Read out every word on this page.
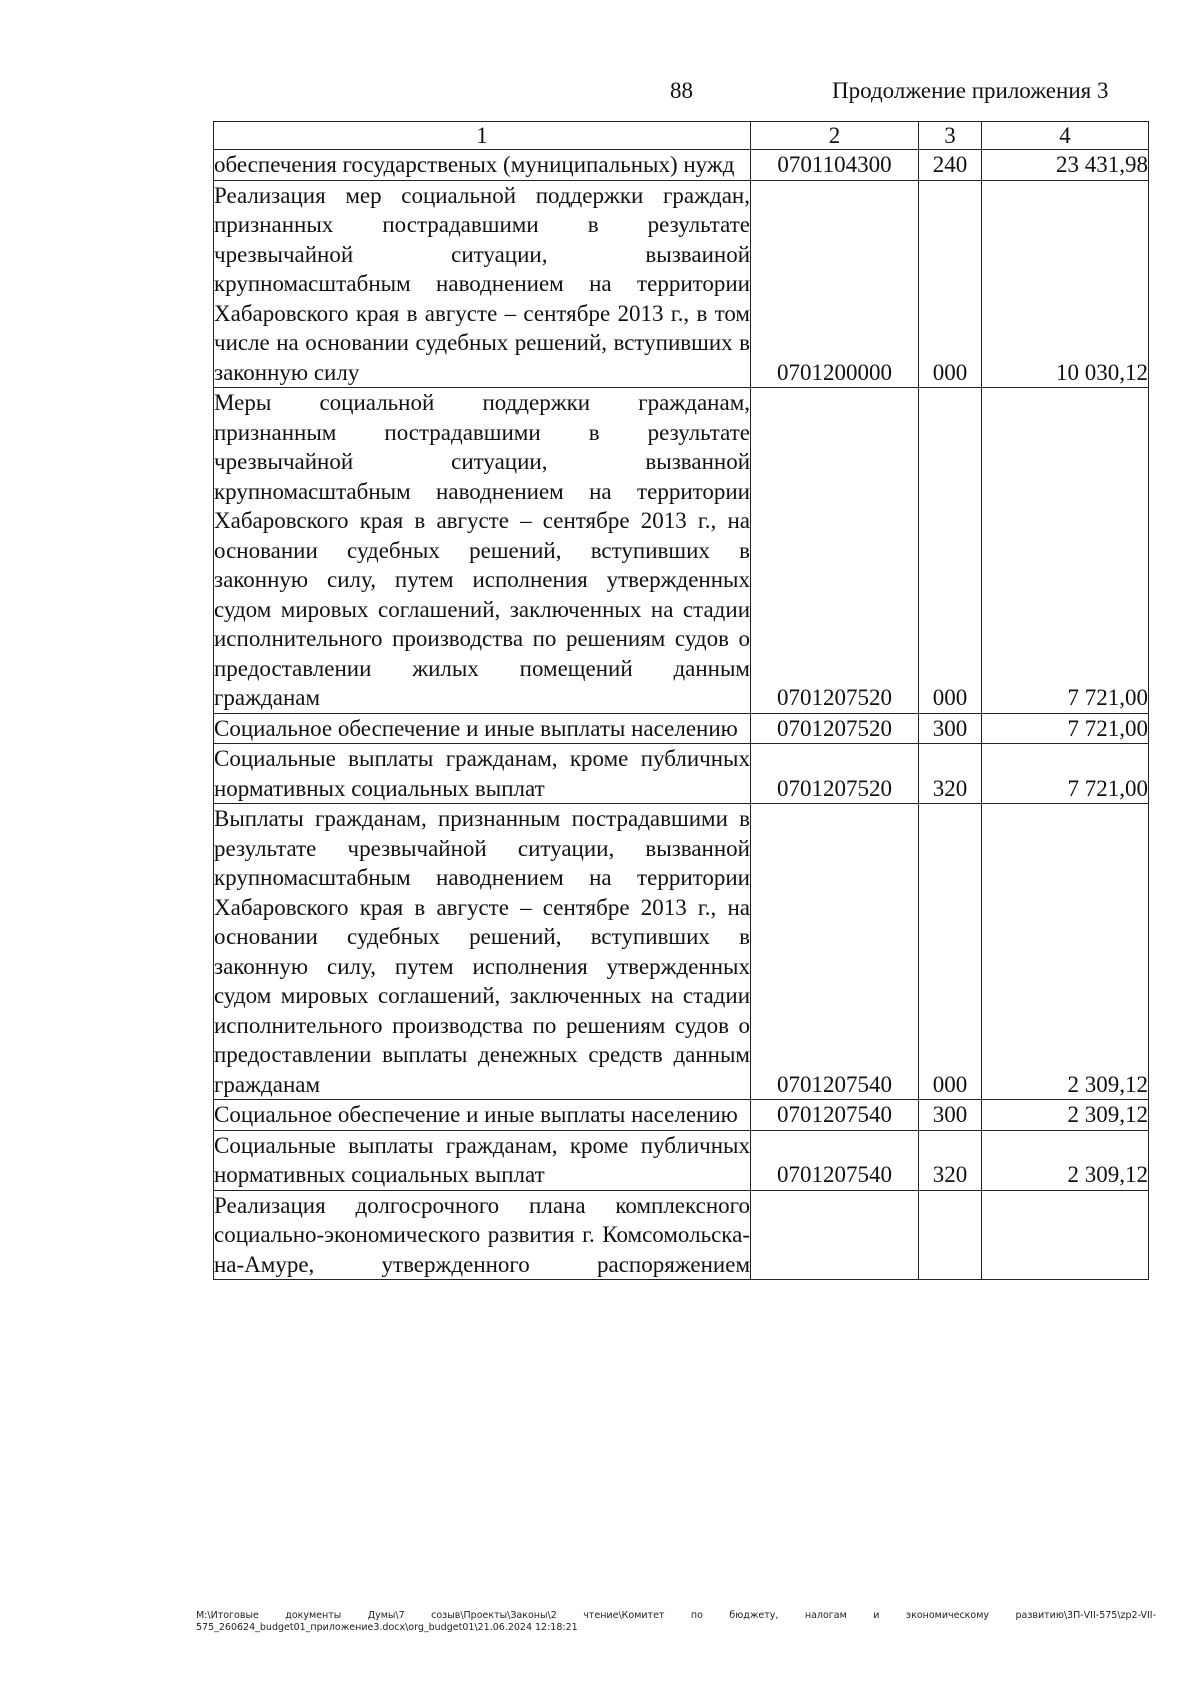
88	Продолжение приложения 3
1	2	3	4
обеспечения государственых (муниципальных) нужд	0701104300	240	23 431,98
Реализация мер социальной поддержки граждан, признанных пострадавшими в результате чрезвычайной ситуации, вызваиной крупномасштабным наводнением на территории Хабаровского края в августе – сентябре 2013 г., в том числе на основании судебных решений, вступивших в законную силу	0701200000	000	10 030,12
Меры социальной поддержки гражданам, признанным пострадавшими в результате чрезвычайной ситуации, вызванной крупномасштабным наводнением на территории Хабаровского края в августе – сентябре 2013 г., на основании судебных решений, вступивших в законную силу, путем исполнения утвержденных судом мировых соглашений, заключенных на стадии исполнительного производства по решениям судов о предоставлении жилых помещений данным гражданам	0701207520	000	7 721,00
Социальное обеспечение и иные выплаты населению	0701207520	300	7 721,00
Социальные выплаты гражданам, кроме публичных нормативных социальных выплат	0701207520	320	7 721,00
Выплаты гражданам, признанным пострадавшими в результате чрезвычайной ситуации, вызванной крупномасштабным наводнением на территории Хабаровского края в августе – сентябре 2013 г., на основании судебных решений, вступивших в законную силу, путем исполнения утвержденных судом мировых соглашений, заключенных на стадии исполнительного производства по решениям судов о предоставлении выплаты денежных средств данным гражданам	0701207540	000	2 309,12
Социальное обеспечение и иные выплаты населению	0701207540	300	2 309,12
Социальные выплаты гражданам, кроме публичных нормативных социальных выплат	0701207540	320	2 309,12
Реализация долгосрочного плана комплексного социально-экономического развития г. Комсомольска-на-Амуре, утвержденного распоряжением			
M:\Итоговые документы Думы\7 созыв\Проекты\Законы\2 чтение\Комитет по бюджету, налогам и экономическому развитию\3П-VII-575\zp2-VII-575_260624_budget01_приложение3.docx\org_budget01\21.06.2024 12:18:21
